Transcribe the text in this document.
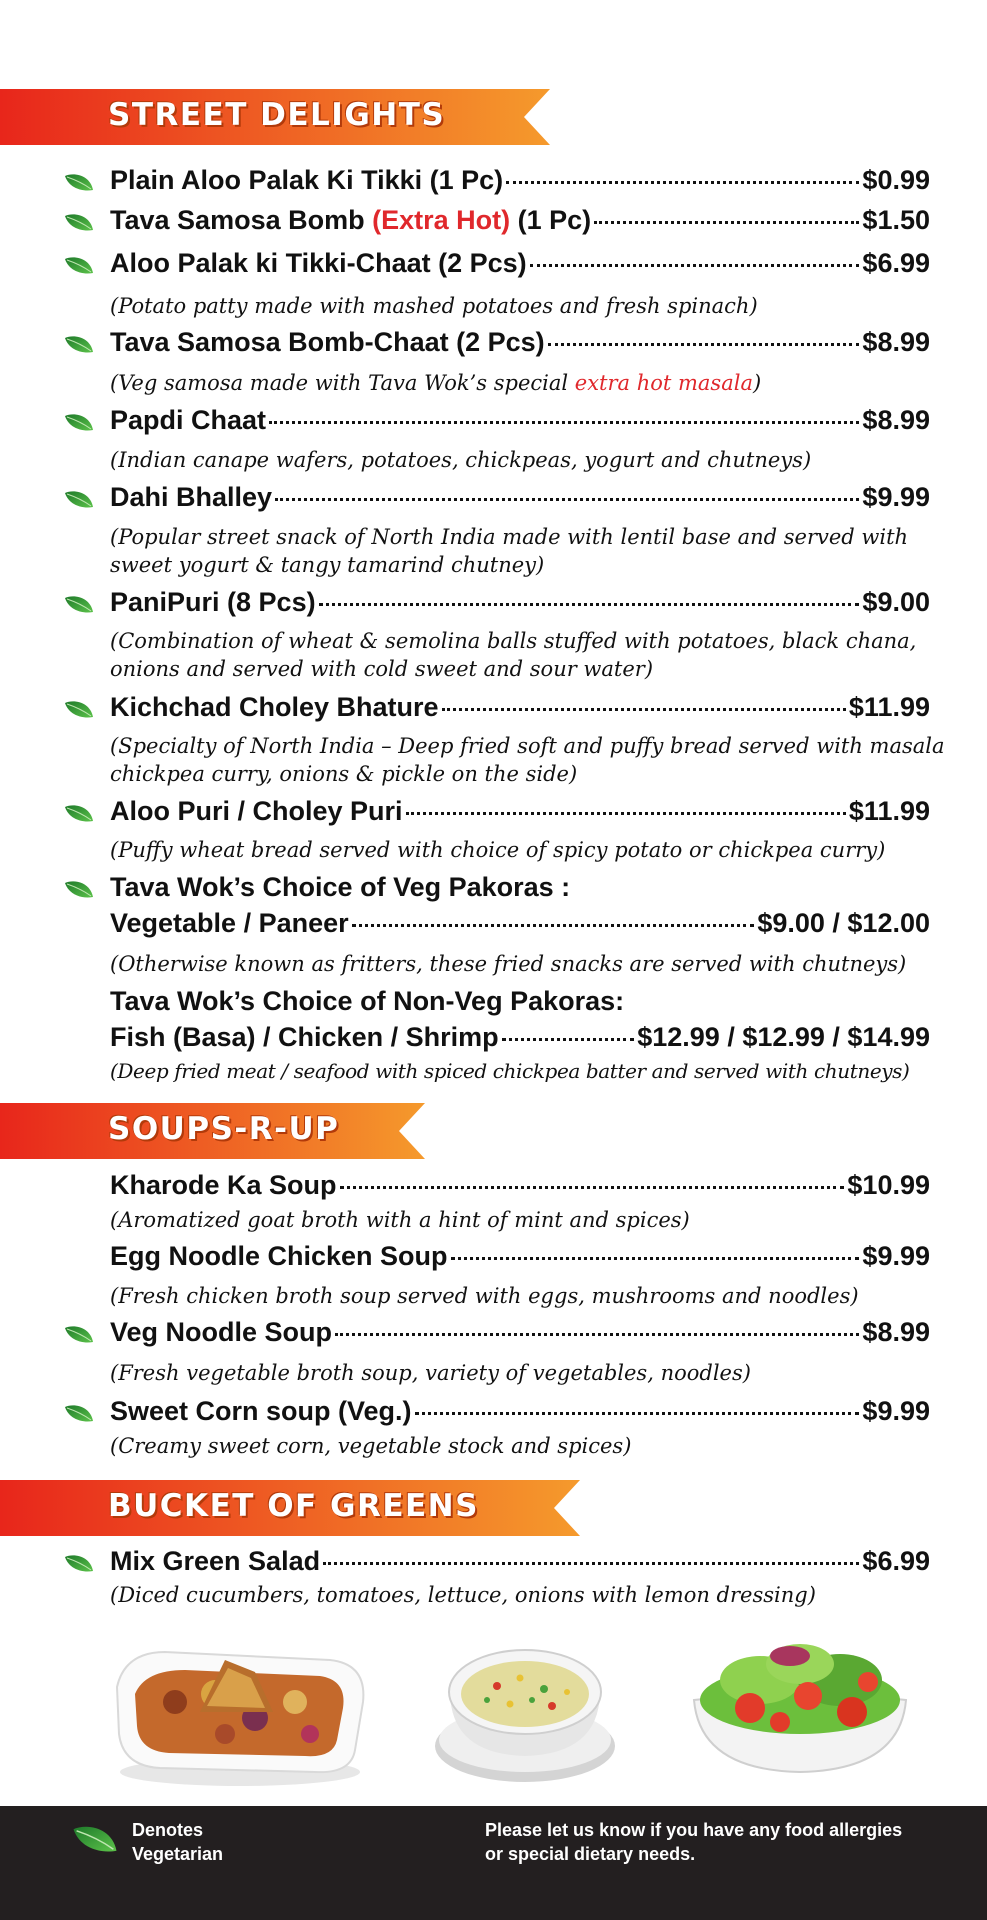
STREET DELIGHTS
Plain Aloo Palak Ki Tikki (1 Pc)	$0.99
Tava Samosa Bomb (Extra Hot) (1 Pc)	$1.50
Aloo Palak ki Tikki-Chaat (2 Pcs)	$6.99
(Potato patty made with mashed potatoes and fresh spinach)
Tava Samosa Bomb-Chaat (2 Pcs)	$8.99
(Veg samosa made with Tava Wok’s special extra hot masala)
Papdi Chaat	$8.99
(Indian canape wafers, potatoes, chickpeas, yogurt and chutneys)
Dahi Bhalley	$9.99
(Popular street snack of North India made with lentil base and served with sweet yogurt & tangy tamarind chutney)
PaniPuri (8 Pcs)	$9.00
(Combination of wheat & semolina balls stuffed with potatoes, black chana, onions and served with cold sweet and sour water)
Kichchad Choley Bhature	$11.99
(Specialty of North India – Deep fried soft and puffy bread served with masala chickpea curry, onions & pickle on the side)
Aloo Puri / Choley Puri	$11.99
(Puffy wheat bread served with choice of spicy potato or chickpea curry)
Tava Wok’s Choice of Veg Pakoras :
Vegetable / Paneer	$9.00 / $12.00
(Otherwise known as fritters, these fried snacks are served with chutneys)
Tava Wok’s Choice of Non-Veg Pakoras:
Fish (Basa) / Chicken / Shrimp	$12.99 / $12.99 / $14.99
(Deep fried meat / seafood with spiced chickpea batter and served with chutneys)
SOUPS-R-UP
Kharode Ka Soup	$10.99
(Aromatized goat broth with a hint of mint and spices)
Egg Noodle Chicken Soup	$9.99
(Fresh chicken broth soup served with eggs, mushrooms and noodles)
Veg Noodle Soup	$8.99
(Fresh vegetable broth soup, variety of vegetables, noodles)
Sweet Corn soup (Veg.)	$9.99
(Creamy sweet corn, vegetable stock and spices)
BUCKET OF GREENS
Mix Green Salad	$6.99
(Diced cucumbers, tomatoes, lettuce, onions with lemon dressing)
Denotes
Vegetarian
Please let us know if you have any food allergies
or special dietary needs.
